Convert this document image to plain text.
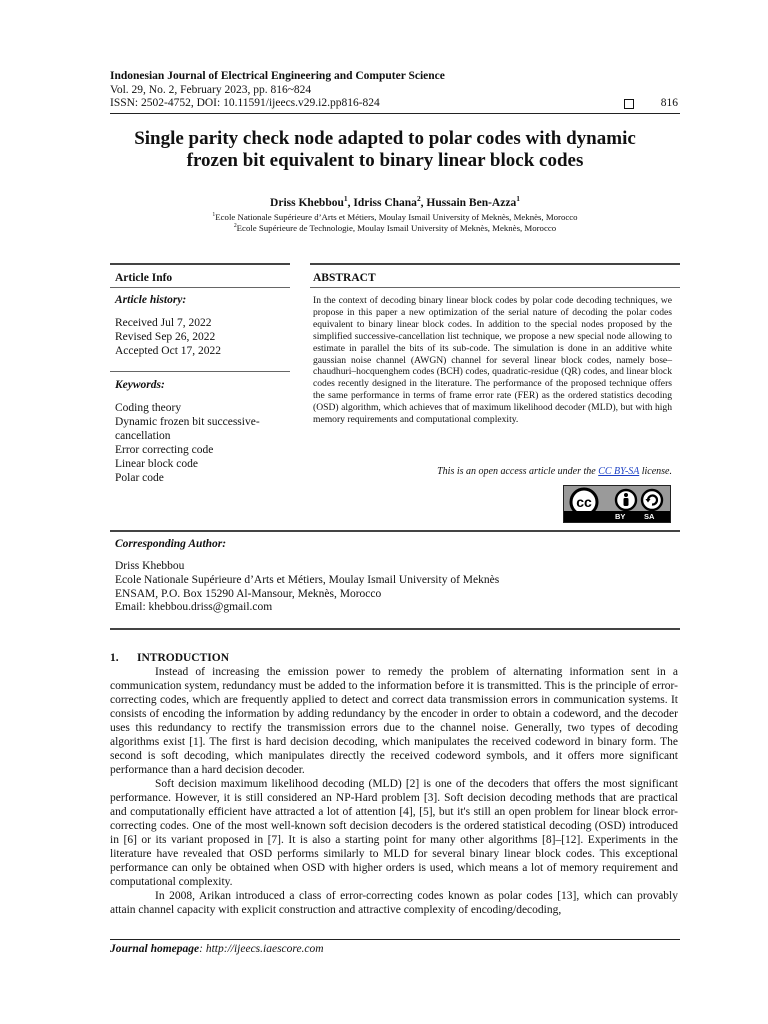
Indonesian Journal of Electrical Engineering and Computer Science
Vol. 29, No. 2, February 2023, pp. 816~824
ISSN: 2502-4752, DOI: 10.11591/ijeecs.v29.i2.pp816-824	816
Single parity check node adapted to polar codes with dynamic
frozen bit equivalent to binary linear block codes
Driss Khebbou$^1$, Idriss Chana$^2$, Hussain Ben-Azza$^1$
$^1$Ecole Nationale Supérieure d’Arts et Métiers, Moulay Ismail University of Meknès, Meknès, Morocco
$^2$Ecole Supérieure de Technologie, Moulay Ismail University of Meknès, Meknès, Morocco
Article Info	ABSTRACT
Article history:
Received Jul 7, 2022
Revised Sep 26, 2022
Accepted Oct 17, 2022
Keywords:
Coding theory
Dynamic frozen bit successive-
cancellation
Error correcting code
Linear block code
Polar code
In the context of decoding binary linear block codes by polar code decoding techniques, we propose in this paper a new optimization of the serial nature of decoding the polar codes equivalent to binary linear block codes. In addition to the special nodes proposed by the simplified successive-cancellation list technique, we propose a new special node allowing to estimate in parallel the bits of its sub-code. The simulation is done in an additive white gaussian noise channel (AWGN) channel for several linear block codes, namely bose–chaudhuri–hocquenghem codes (BCH) codes, quadratic-residue (QR) codes, and linear block codes recently designed in the literature. The performance of the proposed technique offers the same performance in terms of frame error rate (FER) as the ordered statistics decoding (OSD) algorithm, which achieves that of maximum likelihood decoder (MLD), but with high memory requirements and computational complexity.
This is an open access article under the CC BY-SA license.
cc
BY SA
Corresponding Author:
Driss Khebbou
Ecole Nationale Supérieure d’Arts et Métiers, Moulay Ismail University of Meknès
ENSAM, P.O. Box 15290 Al-Mansour, Meknès, Morocco
Email: khebbou.driss@gmail.com
1. INTRODUCTION

Instead of increasing the emission power to remedy the problem of alternating information sent in a communication system, redundancy must be added to the information before it is transmitted. This is the principle of error-correcting codes, which are frequently applied to detect and correct data transmission errors in communication systems. It consists of encoding the information by adding redundancy by the encoder in order to obtain a codeword, and the decoder uses this redundancy to rectify the transmission errors due to the channel noise. Generally, two types of decoding algorithms exist [1]. The first is hard decision decoding, which manipulates the received codeword in binary form. The second is soft decoding, which manipulates directly the received codeword symbols, and it offers more significant performance than a hard decision decoder.

Soft decision maximum likelihood decoding (MLD) [2] is one of the decoders that offers the most significant performance. However, it is still considered an NP-Hard problem [3]. Soft decision decoding methods that are practical and computationally efficient have attracted a lot of attention [4], [5], but it's still an open problem for linear block error-correcting codes. One of the most well-known soft decision decoders is the ordered statistical decoding (OSD) introduced in [6] or its variant proposed in [7]. It is also a starting point for many other algorithms [8]–[12]. Experiments in the literature have revealed that OSD performs similarly to MLD for several binary linear block codes. This exceptional performance can only be obtained when OSD with higher orders is used, which means a lot of memory requirement and computational complexity.

In 2008, Arikan introduced a class of error-correcting codes known as polar codes [13], which can provably attain channel capacity with explicit construction and attractive complexity of encoding/decoding,

Journal homepage: http://ijeecs.iaescore.com
